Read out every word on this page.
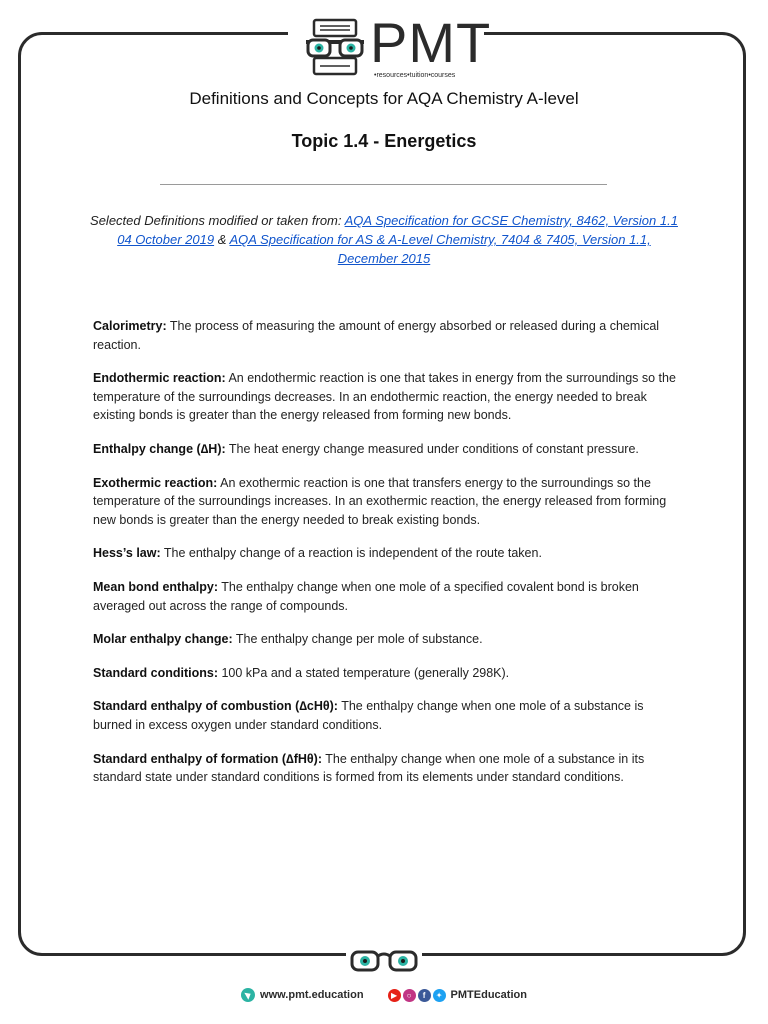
PMT
•resources•tuition•courses
Definitions and Concepts for AQA Chemistry A-level
Topic 1.4 - Energetics
Selected Definitions modified or taken from: AQA Specification for GCSE Chemistry, 8462, Version 1.1 04 October 2019 & AQA Specification for AS & A-Level Chemistry, 7404 & 7405, Version 1.1, December 2015

Calorimetry: The process of measuring the amount of energy absorbed or released during a chemical reaction.

Endothermic reaction: An endothermic reaction is one that takes in energy from the surroundings so the temperature of the surroundings decreases. In an endothermic reaction, the energy needed to break existing bonds is greater than the energy released from forming new bonds.

Enthalpy change (∆H): The heat energy change measured under conditions of constant pressure.

Exothermic reaction: An exothermic reaction is one that transfers energy to the surroundings so the temperature of the surroundings increases. In an exothermic reaction, the energy released from forming new bonds is greater than the energy needed to break existing bonds.

Hess’s law: The enthalpy change of a reaction is independent of the route taken.

Mean bond enthalpy: The enthalpy change when one mole of a specified covalent bond is broken averaged out across the range of compounds.

Molar enthalpy change: The enthalpy change per mole of substance.

Standard conditions: 100 kPa and a stated temperature (generally 298K).

Standard enthalpy of combustion (∆cHθ): The enthalpy change when one mole of a substance is burned in excess oxygen under standard conditions.

Standard enthalpy of formation (∆fHθ): The enthalpy change when one mole of a substance in its standard state under standard conditions is formed from its elements under standard conditions.

www.pmt.education	▶	○	f	✦ PMTEducation
